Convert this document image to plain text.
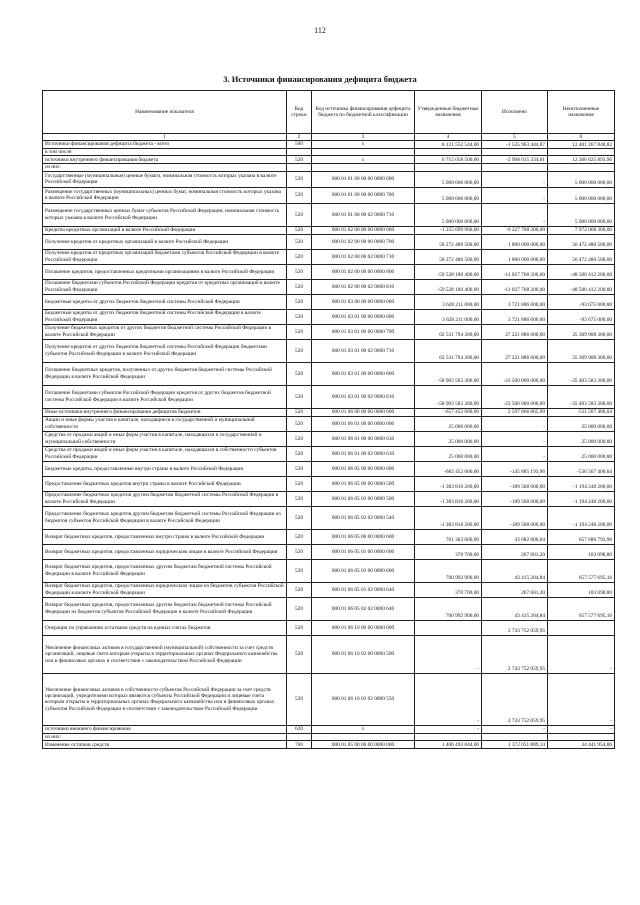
112
3. Источники финансирования дефицита бюджета
Наименование показателя	Код строки	Код источника финансирования дефицита бюджета по бюджетной классификации	Утвержденные бюджетные назначения	Исполнено	Неисполненные назначения
1	2	3	4	5	6
Источники финансирования дефицита бюджета - всего	500	x	8 121 552 544,00	-1 535 963 444,87	12 401 267 848,82
в том числе:					
источники внутреннего финансирования бюджета	520	x	6 715 058 500,00	-2 908 015 334,01	12 366 825 893,96
из них:					
Государственные (муниципальные) ценные бумаги, номинальная стоимость которых указана в валюте Российской Федерации	520	000 01 01 00 00 00 0000 000	5 000 000 000,00	-	5 000 000 000,00
Размещение государственных (муниципальных) ценных бумаг, номинальная стоимость которых указана в валюте Российской Федерации	520	000 01 01 00 00 00 0000 700	5 000 000 000,00	-	5 000 000 000,00
Размещение государственных ценных бумаг субъектов Российской Федерации, номинальная стоимость которых указана в валюте Российской Федерации	520	000 01 01 00 00 02 0000 710	5 000 000 000,00	-	5 000 000 000,00
Кредиты кредитных организаций в валюте Российской Федерации	520	000 01 02 00 00 00 0000 000	-1 255 699 900,00	-9 227 768 200,00	7 972 068 300,00
Получение кредитов от кредитных организаций в валюте Российской Федерации	520	000 01 02 00 00 00 0000 700	58 272 480 500,00	1 800 000 000,00	56 472 480 500,00
Получение кредитов от кредитных организаций бюджетами субъектов Российской Федерации в валюте Российской Федерации	520	000 01 02 00 00 02 0000 710	58 272 480 500,00	1 800 000 000,00	56 472 480 500,00
Погашение кредитов, предоставленных кредитными организациями в валюте Российской Федерации	520	000 01 02 00 00 00 0000 800	-59 528 180 400,00	-11 027 768 200,00	-48 500 412 200,00
Погашение бюджетами субъектов Российской Федерации кредитов от кредитных организаций в валюте Российской Федерации	520	000 01 02 00 00 02 0000 810	-59 528 180 400,00	-11 027 768 200,00	-48 500 412 200,00
Бюджетные кредиты от других бюджетов бюджетной системы Российской Федерации	520	000 01 03 00 00 00 0000 000	3 628 211 000,00	3 721 886 000,00	-93 675 000,00
Бюджетные кредиты от других бюджетов бюджетной системы Российской Федерации в валюте Российской Федерации	520	000 01 03 01 00 00 0000 000	3 628 211 000,00	3 721 886 000,00	-93 675 000,00
Получение бюджетных кредитов от других бюджетов бюджетной системы Российской Федерации в валюте Российской Федерации	520	000 01 03 01 00 00 0000 700	62 531 794 300,00	27 221 886 000,00	35 309 908 300,00
Получение кредитов от других бюджетов бюджетной системы Российской Федерации бюджетами субъектов Российской Федерации в валюте Российской Федерации	520	000 01 03 01 00 02 0000 710	62 531 794 300,00	27 221 886 000,00	35 309 908 300,00
Погашение бюджетных кредитов, полученных от других бюджетов бюджетной системы Российской Федерации в валюте Российской Федерации	520	000 01 03 01 00 00 0000 800	-58 903 583 300,00	-23 500 000 000,00	-35 403 583 300,00
Погашение бюджетами субъектов Российской Федерации кредитов от других бюджетов бюджетной системы Российской Федерации в валюте Российской Федерации	520	000 01 03 01 00 02 0000 810	-58 903 583 300,00	-23 500 000 000,00	-35 403 583 300,00
Иные источники внутреннего финансирования дефицитов бюджетов	520	000 01 06 00 00 00 0000 000	-657 452 600,00	2 597 866 865,99	-511 567 406,04
Акции и иные формы участия в капитале, находящиеся в государственной и муниципальной собственности	520	000 01 06 01 00 00 0000 000	25 000 000,00	-	25 000 000,00
Средства от продажи акций и иных форм участия в капитале, находящихся в государственной и муниципальной собственности	520	000 01 06 01 00 00 0000 630	25 000 000,00	-	25 000 000,00
Средства от продажи акций и иных форм участия в капитале, находящихся в собственности субъектов Российской Федерации	520	000 01 06 01 00 02 0000 630	25 000 000,00	-	25 000 000,00
Бюджетные кредиты, предоставленные внутри страны в валюте Российской Федерации	520	000 01 06 05 00 00 0000 000	-682 452 600,00	-145 885 193,96	-536 567 406,04
Предоставление бюджетных кредитов внутри страны в валюте Российской Федерации	520	000 01 06 05 00 00 0000 500	-1 383 816 200,00	-189 568 000,00	-1 194 248 200,00
Предоставление бюджетных кредитов другим бюджетам бюджетной системы Российской Федерации в валюте Российской Федерации	520	000 01 06 05 02 00 0000 500	-1 383 816 200,00	-189 568 000,00	-1 194 248 200,00
Предоставление бюджетных кредитов другим бюджетам бюджетной системы Российской Федерации из бюджетов субъектов Российской Федерации в валюте Российской Федерации	520	000 01 06 05 02 02 0000 540	-1 383 816 200,00	-189 568 000,00	-1 194 248 200,00
Возврат бюджетных кредитов, предоставленных внутри страны в валюте Российской Федерации	520	000 01 06 05 00 00 0000 600	701 363 600,00	43 682 806,04	657 680 793,96
Возврат бюджетных кредитов, предоставленных юридическим лицам в валюте Российской Федерации	520	000 01 06 05 01 00 0000 600	370 700,00	267 601,20	103 098,80
Возврат бюджетных кредитов, предоставленных другим бюджетам бюджетной системы Российской Федерации в валюте Российской Федерации	520	000 01 06 05 02 00 0000 600	700 992 900,00	43 415 204,84	657 577 695,16
Возврат бюджетных кредитов, предоставленных юридическим лицам из бюджетов субъектов Российской Федерации в валюте Российской Федерации	520	000 01 06 05 01 02 0000 640	370 700,00	267 601,20	103 098,80
Возврат бюджетных кредитов, предоставленных другим бюджетам бюджетной системы Российской Федерации из бюджетов субъектов Российской Федерации в валюте Российской Федерации	520	000 01 06 05 02 02 0000 640	700 992 900,00	43 415 204,84	657 577 695,16
Операции по управлению остатками средств на единых счетах бюджетов	520	000 01 06 10 00 00 0000 000		2 743 752 059,95	
Увеличение финансовых активов в государственной (муниципальной) собственности за счет средств организаций, лицевые счета которым открыты в территориальных органах Федерального казначейства или в финансовых органах в соответствии с законодательством Российской Федерации	520	000 01 06 10 02 00 0000 500	-	2 743 752 059,95	-
Увеличение финансовых активов в собственности субъектов Российской Федерации за счет средств организаций, учредителями которых являются субъекты Российской Федерации и лицевые счета которым открыты в территориальных органах Федерального казначейства или в финансовых органах субъектов Российской Федерации в соответствии с законодательством Российской Федерации	520	000 01 06 10 02 02 0000 550	-	2 743 752 059,95	-
источники внешнего финансирования	620	x	-	-	-
из них:					
Изменение остатков средств	700	000 01 05 00 00 00 0000 000	1 406 493 844,00	1 372 051 889,14	34 441 954,86
